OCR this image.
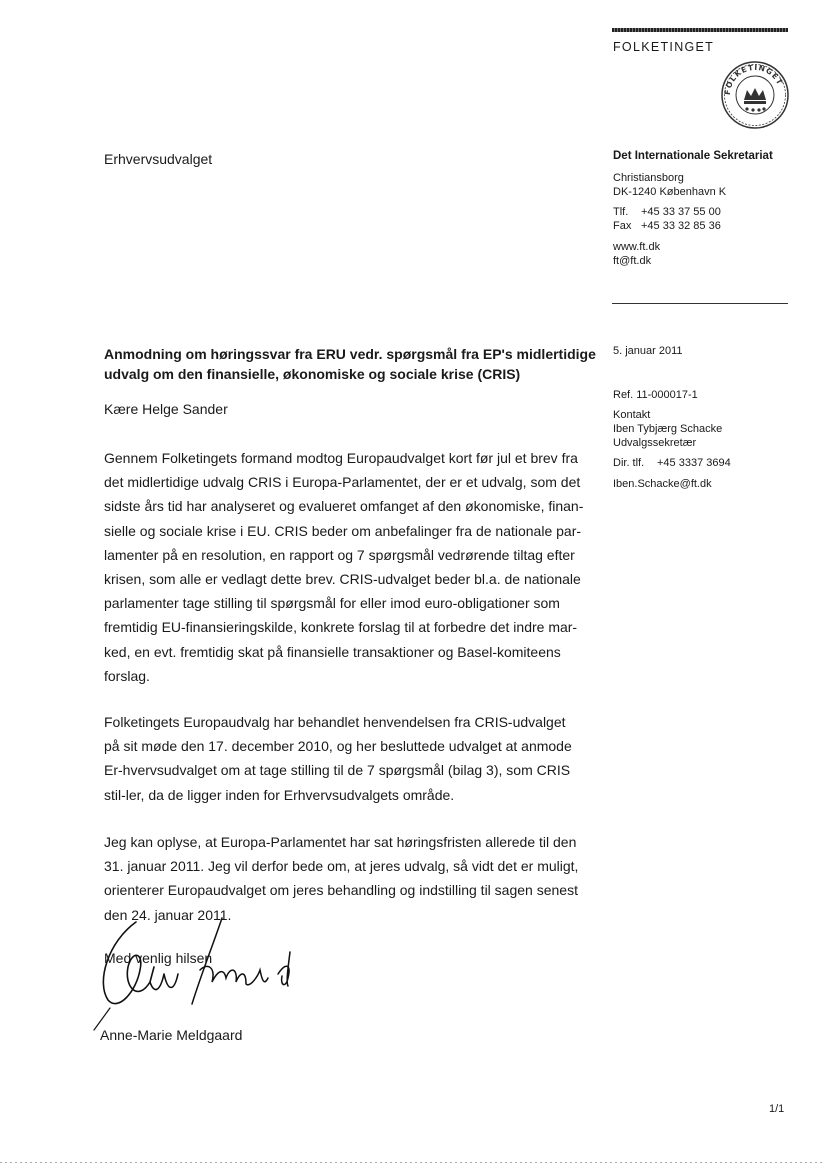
FOLKETINGET
FOLKETINGET
Erhvervsudvalget	Det Internationale Sekretariat
Christiansborg
DK-1240 København K
Tlf. +45 33 37 55 00
Fax +45 33 32 85 36
www.ft.dk
ft@ft.dk
5. januar 2011
Ref. 11-000017-1
Kontakt
Iben Tybjærg Schacke
Udvalgssekretær
Dir. tlf. +45 3337 3694
Iben.Schacke@ft.dk
Anmodning om høringssvar fra ERU vedr. spørgsmål fra EP's midlertidige udvalg om den finansielle, økonomiske og sociale krise (CRIS)
Kære Helge Sander

Gennem Folketingets formand modtog Europaudvalget kort før jul et brev fra det midlertidige udvalg CRIS i Europa-Parlamentet, der er et udvalg, som det sidste års tid har analyseret og evalueret omfanget af den økonomiske, finan-sielle og sociale krise i EU. CRIS beder om anbefalinger fra de nationale par-lamenter på en resolution, en rapport og 7 spørgsmål vedrørende tiltag efter krisen, som alle er vedlagt dette brev. CRIS-udvalget beder bl.a. de nationale parlamenter tage stilling til spørgsmål for eller imod euro-obligationer som fremtidig EU-finansieringskilde, konkrete forslag til at forbedre det indre mar-ked, en evt. fremtidig skat på finansielle transaktioner og Basel-komiteens forslag.

Folketingets Europaudvalg har behandlet henvendelsen fra CRIS-udvalget på sit møde den 17. december 2010, og her besluttede udvalget at anmode Er-hvervsudvalget om at tage stilling til de 7 spørgsmål (bilag 3), som CRIS stil-ler, da de ligger inden for Erhvervsudvalgets område.

Jeg kan oplyse, at Europa-Parlamentet har sat høringsfristen allerede til den 31. januar 2011. Jeg vil derfor bede om, at jeres udvalg, så vidt det er muligt, orienterer Europaudvalget om jeres behandling og indstilling til sagen senest den 24. januar 2011.

Med venlig hilsen
Anne-Marie Meldgaard
1/1
